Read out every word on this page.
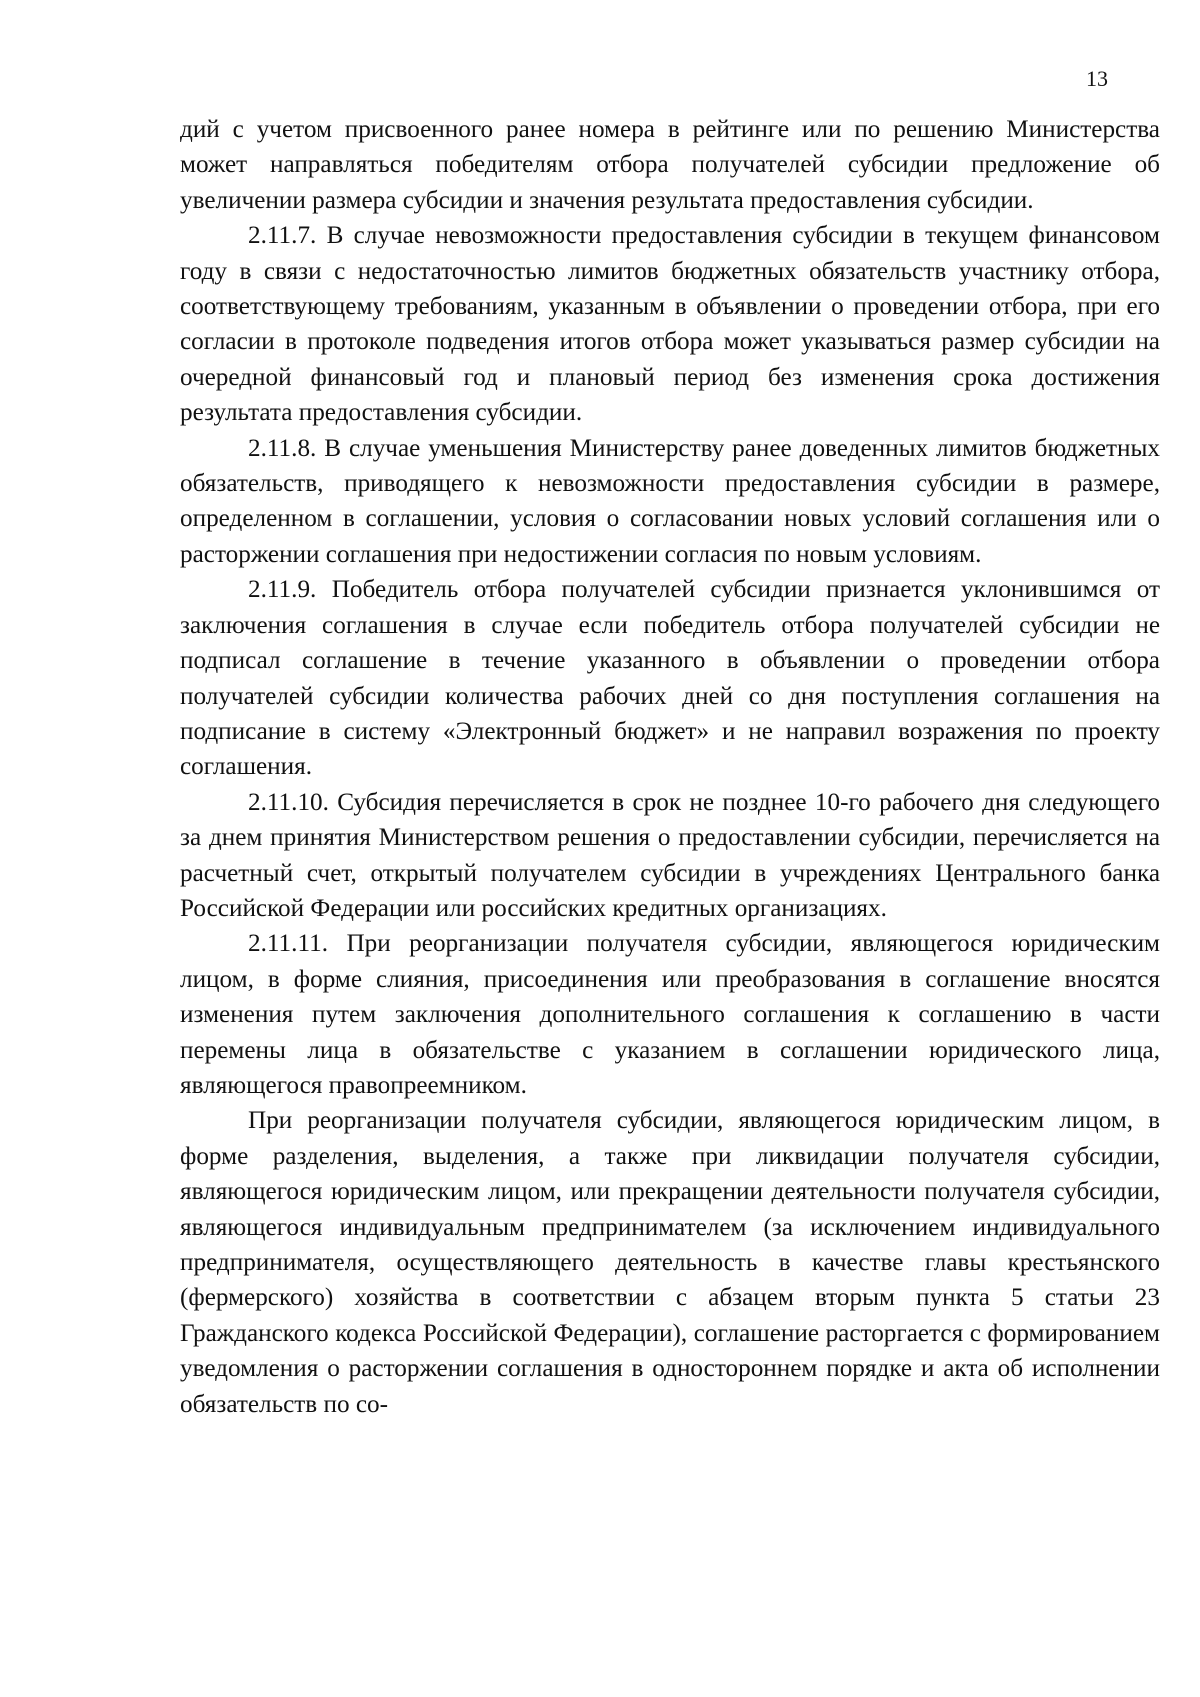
13

дий с учетом присвоенного ранее номера в рейтинге или по решению Министерства может направляться победителям отбора получателей субсидии предложение об увеличении размера субсидии и значения результата предоставления субсидии.

2.11.7. В случае невозможности предоставления субсидии в текущем финансовом году в связи с недостаточностью лимитов бюджетных обязательств участнику отбора, соответствующему требованиям, указанным в объявлении о проведении отбора, при его согласии в протоколе подведения итогов отбора может указываться размер субсидии на очередной финансовый год и плановый период без изменения срока достижения результата предоставления субсидии.

2.11.8. В случае уменьшения Министерству ранее доведенных лимитов бюджетных обязательств, приводящего к невозможности предоставления субсидии в размере, определенном в соглашении, условия о согласовании новых условий соглашения или о расторжении соглашения при недостижении согласия по новым условиям.

2.11.9. Победитель отбора получателей субсидии признается уклонившимся от заключения соглашения в случае если победитель отбора получателей субсидии не подписал соглашение в течение указанного в объявлении о проведении отбора получателей субсидии количества рабочих дней со дня поступления соглашения на подписание в систему «Электронный бюджет» и не направил возражения по проекту соглашения.

2.11.10. Субсидия перечисляется в срок не позднее 10-го рабочего дня следующего за днем принятия Министерством решения о предоставлении субсидии, перечисляется на расчетный счет, открытый получателем субсидии в учреждениях Центрального банка Российской Федерации или российских кредитных организациях.

2.11.11. При реорганизации получателя субсидии, являющегося юридическим лицом, в форме слияния, присоединения или преобразования в соглашение вносятся изменения путем заключения дополнительного соглашения к соглашению в части перемены лица в обязательстве с указанием в соглашении юридического лица, являющегося правопреемником.

При реорганизации получателя субсидии, являющегося юридическим лицом, в форме разделения, выделения, а также при ликвидации получателя субсидии, являющегося юридическим лицом, или прекращении деятельности получателя субсидии, являющегося индивидуальным предпринимателем (за исключением индивидуального предпринимателя, осуществляющего деятельность в качестве главы крестьянского (фермерского) хозяйства в соответствии с абзацем вторым пункта 5 статьи 23 Гражданского кодекса Российской Федерации), соглашение расторгается с формированием уведомления о расторжении соглашения в одностороннем порядке и акта об исполнении обязательств по со-
